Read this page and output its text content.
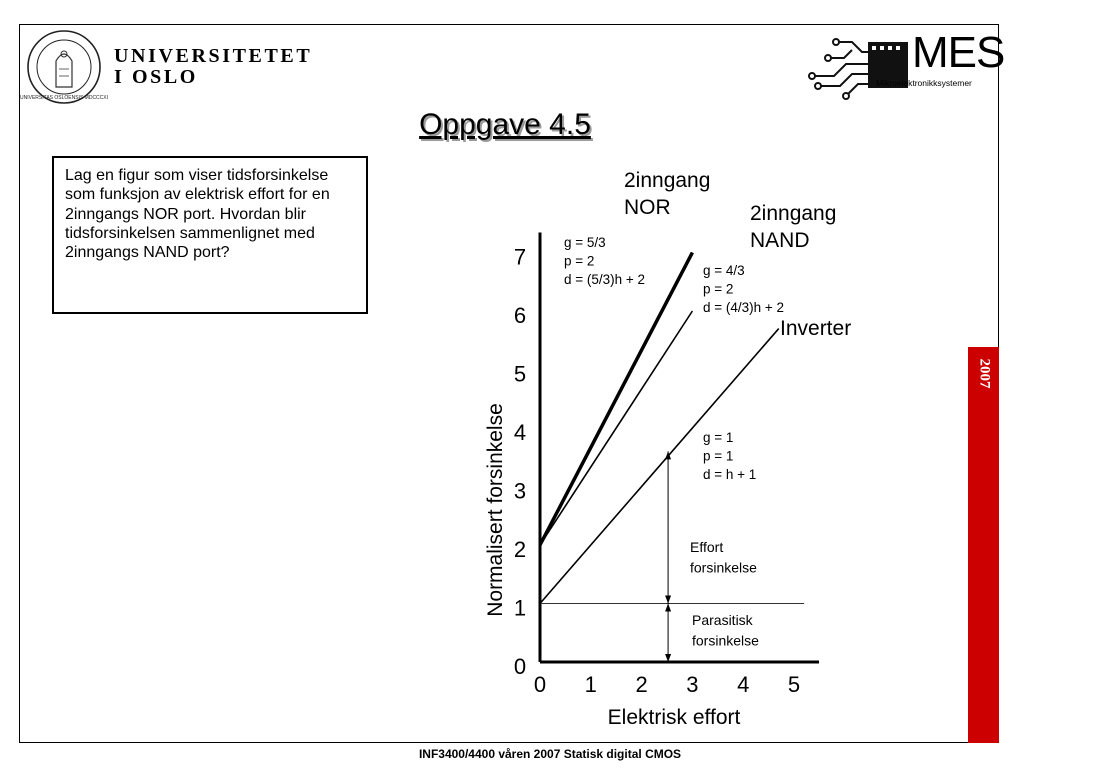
UNIVERSITAS OSLOENSIS MDCCCXI
UNIVERSITETET
I OSLO	MES
Mikroelektronikksystemer
Oppgave 4.5
Lag en figur som viser tidsforsinkelse som funksjon av elektrisk effort for en 2inngangs NOR port. Hvordan blir tidsforsinkelsen sammenlignet med 2inngangs NAND port?
2007
INF3400/4400 våren 2007 Statisk digital CMOS
0
1
2
3
4
5
6
7
0 1 2 3 4 5
Elektrisk effort
Normalisert forsinkelse
2inngang
NOR	2inngang
NAND
Inverter
g = 5/3
p = 2
d = (5/3)h + 2
g = 4/3
p = 2
d = (4/3)h + 2
g = 1
p = 1
d = h + 1
Effort
forsinkelse
Parasitisk
forsinkelse
